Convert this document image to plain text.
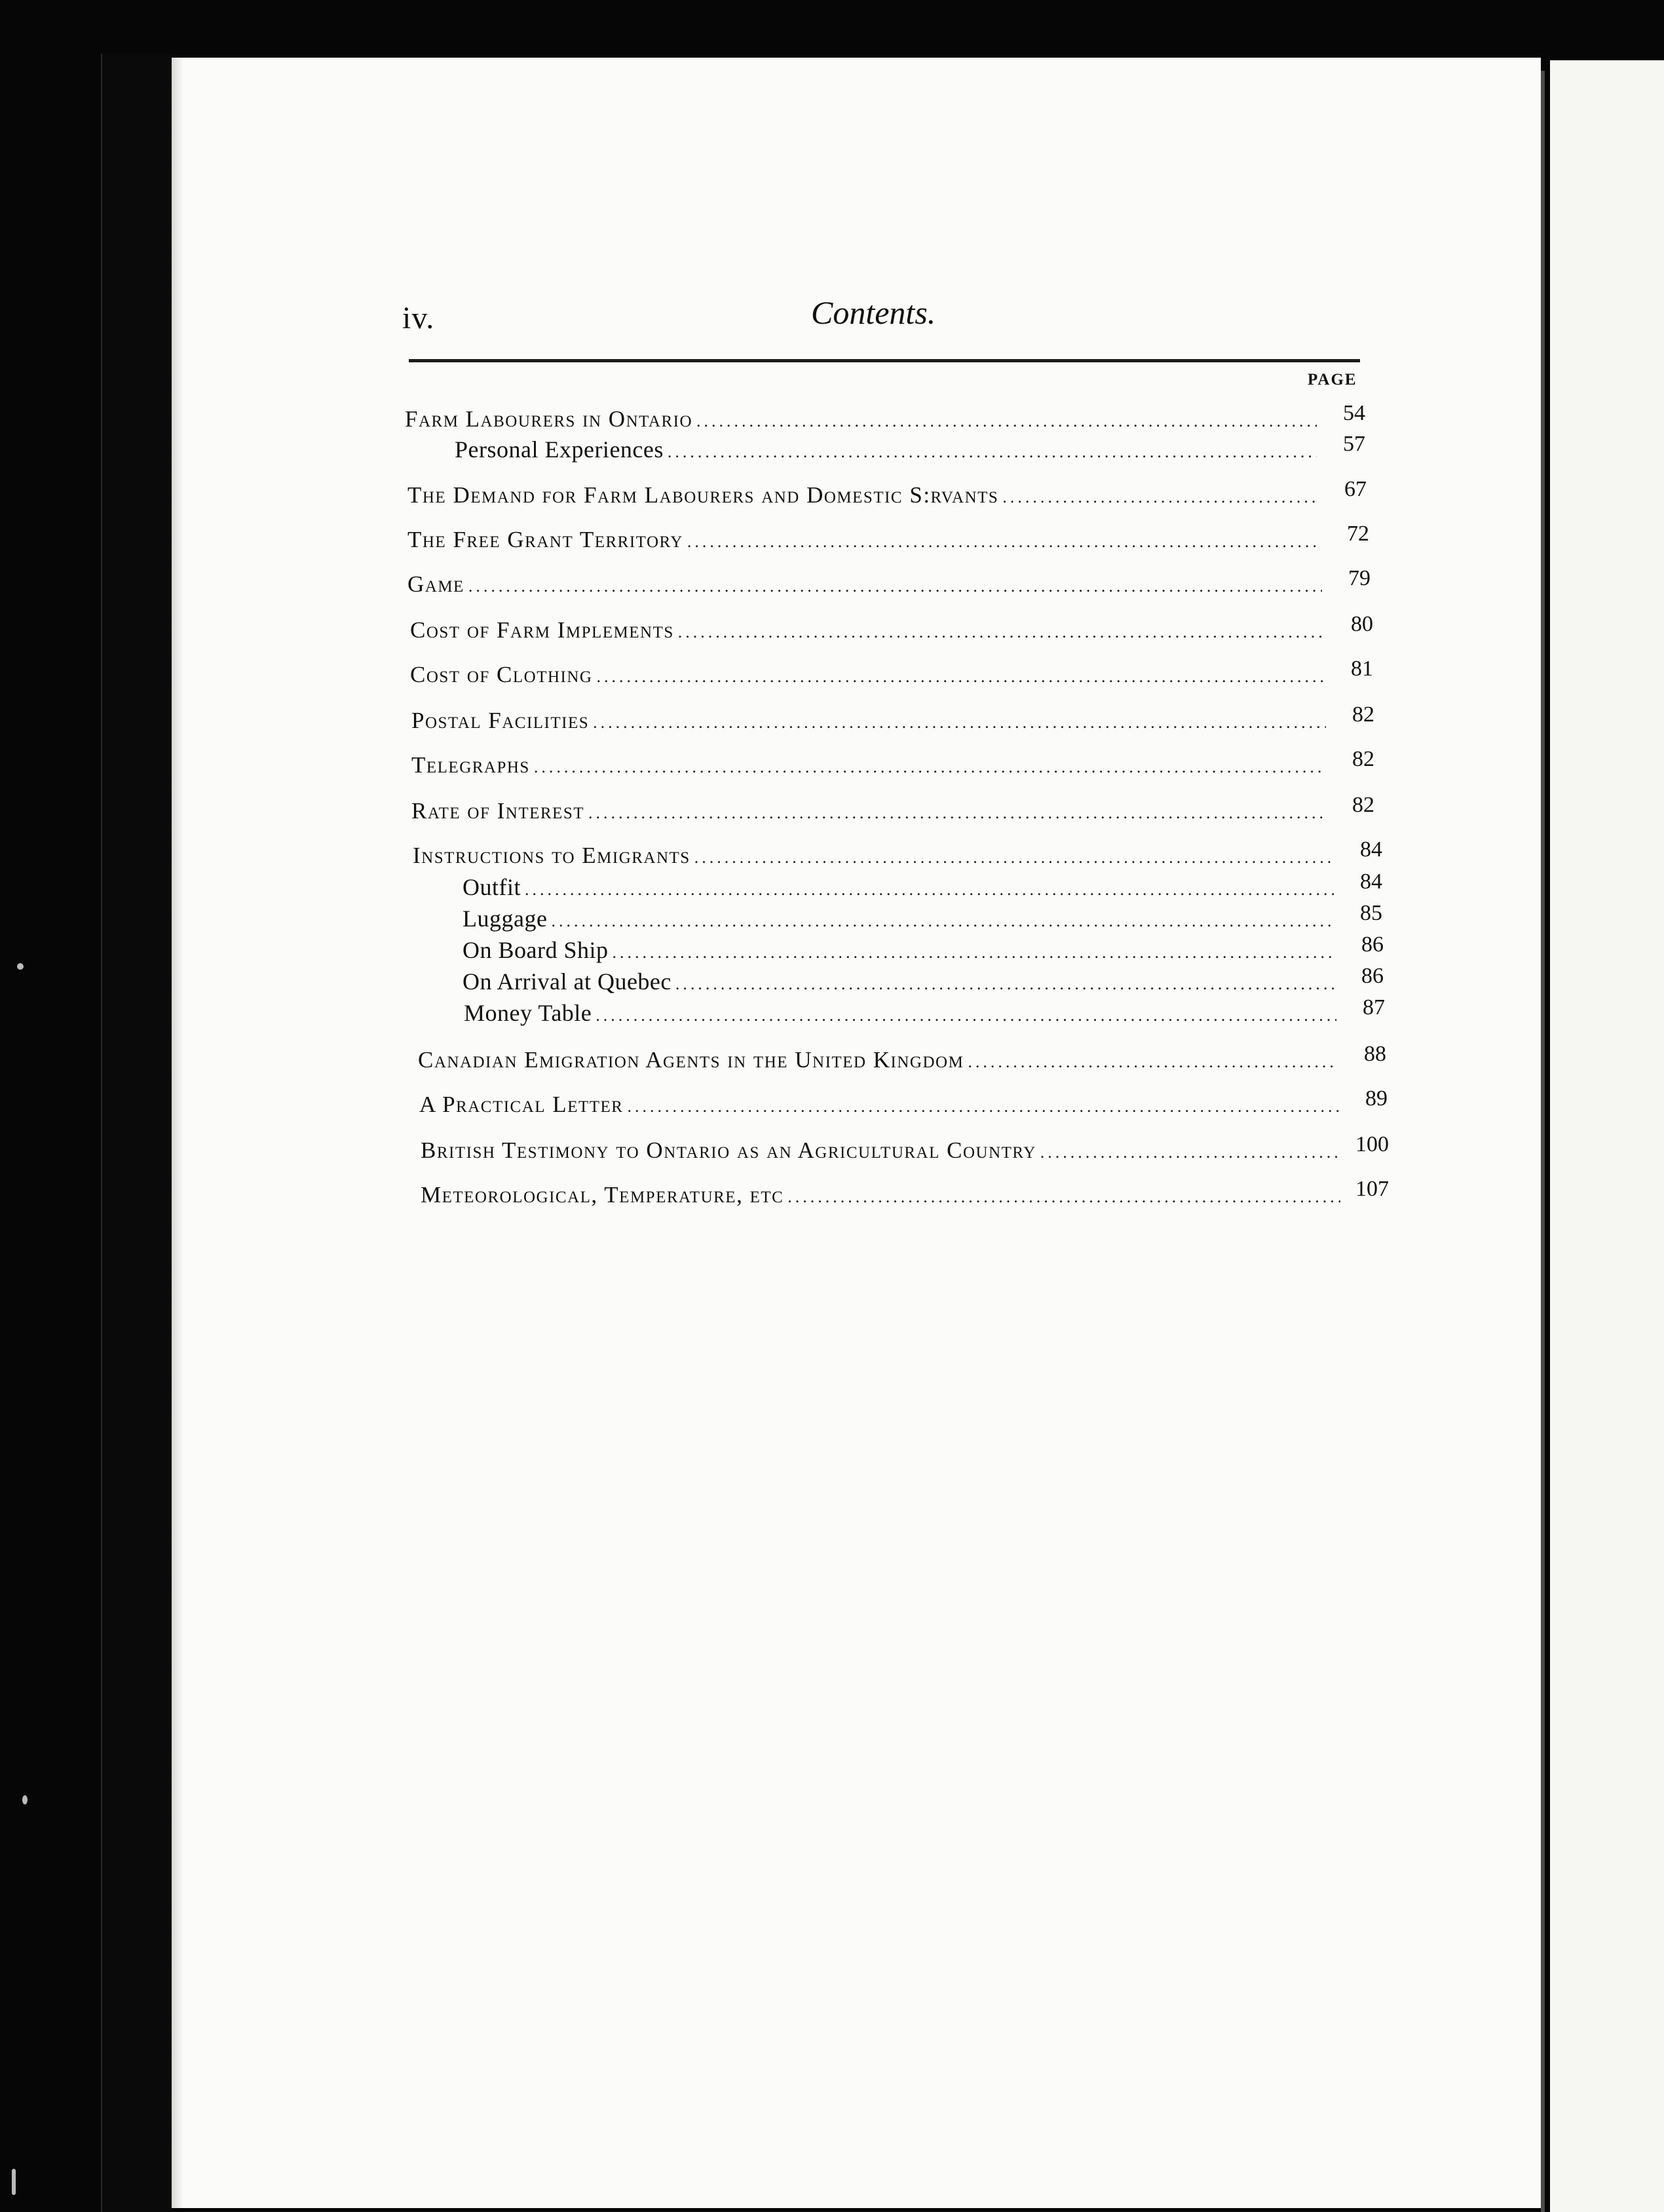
iv.	Contents.
PAGE
Farm Labourers in Ontario .....	54
Personal Experiences .....	57
The Demand for Farm Labourers and Domestic S:rvants .....	67
The Free Grant Territory .....	72
Game .....	79
Cost of Farm Implements .....	80
Cost of Clothing .....	81
Postal Facilities .....	82
Telegraphs .....	82
Rate of Interest .....	82
Instructions to Emigrants .....	84
Outfit .....	84
Luggage .....	85
On Board Ship .....	86
On Arrival at Quebec .....	86
Money Table .....	87
Canadian Emigration Agents in the United Kingdom .....	88
A Practical Letter .....	89
British Testimony to Ontario as an Agricultural Country .....	100
Meteorological, Temperature, etc .....	107
